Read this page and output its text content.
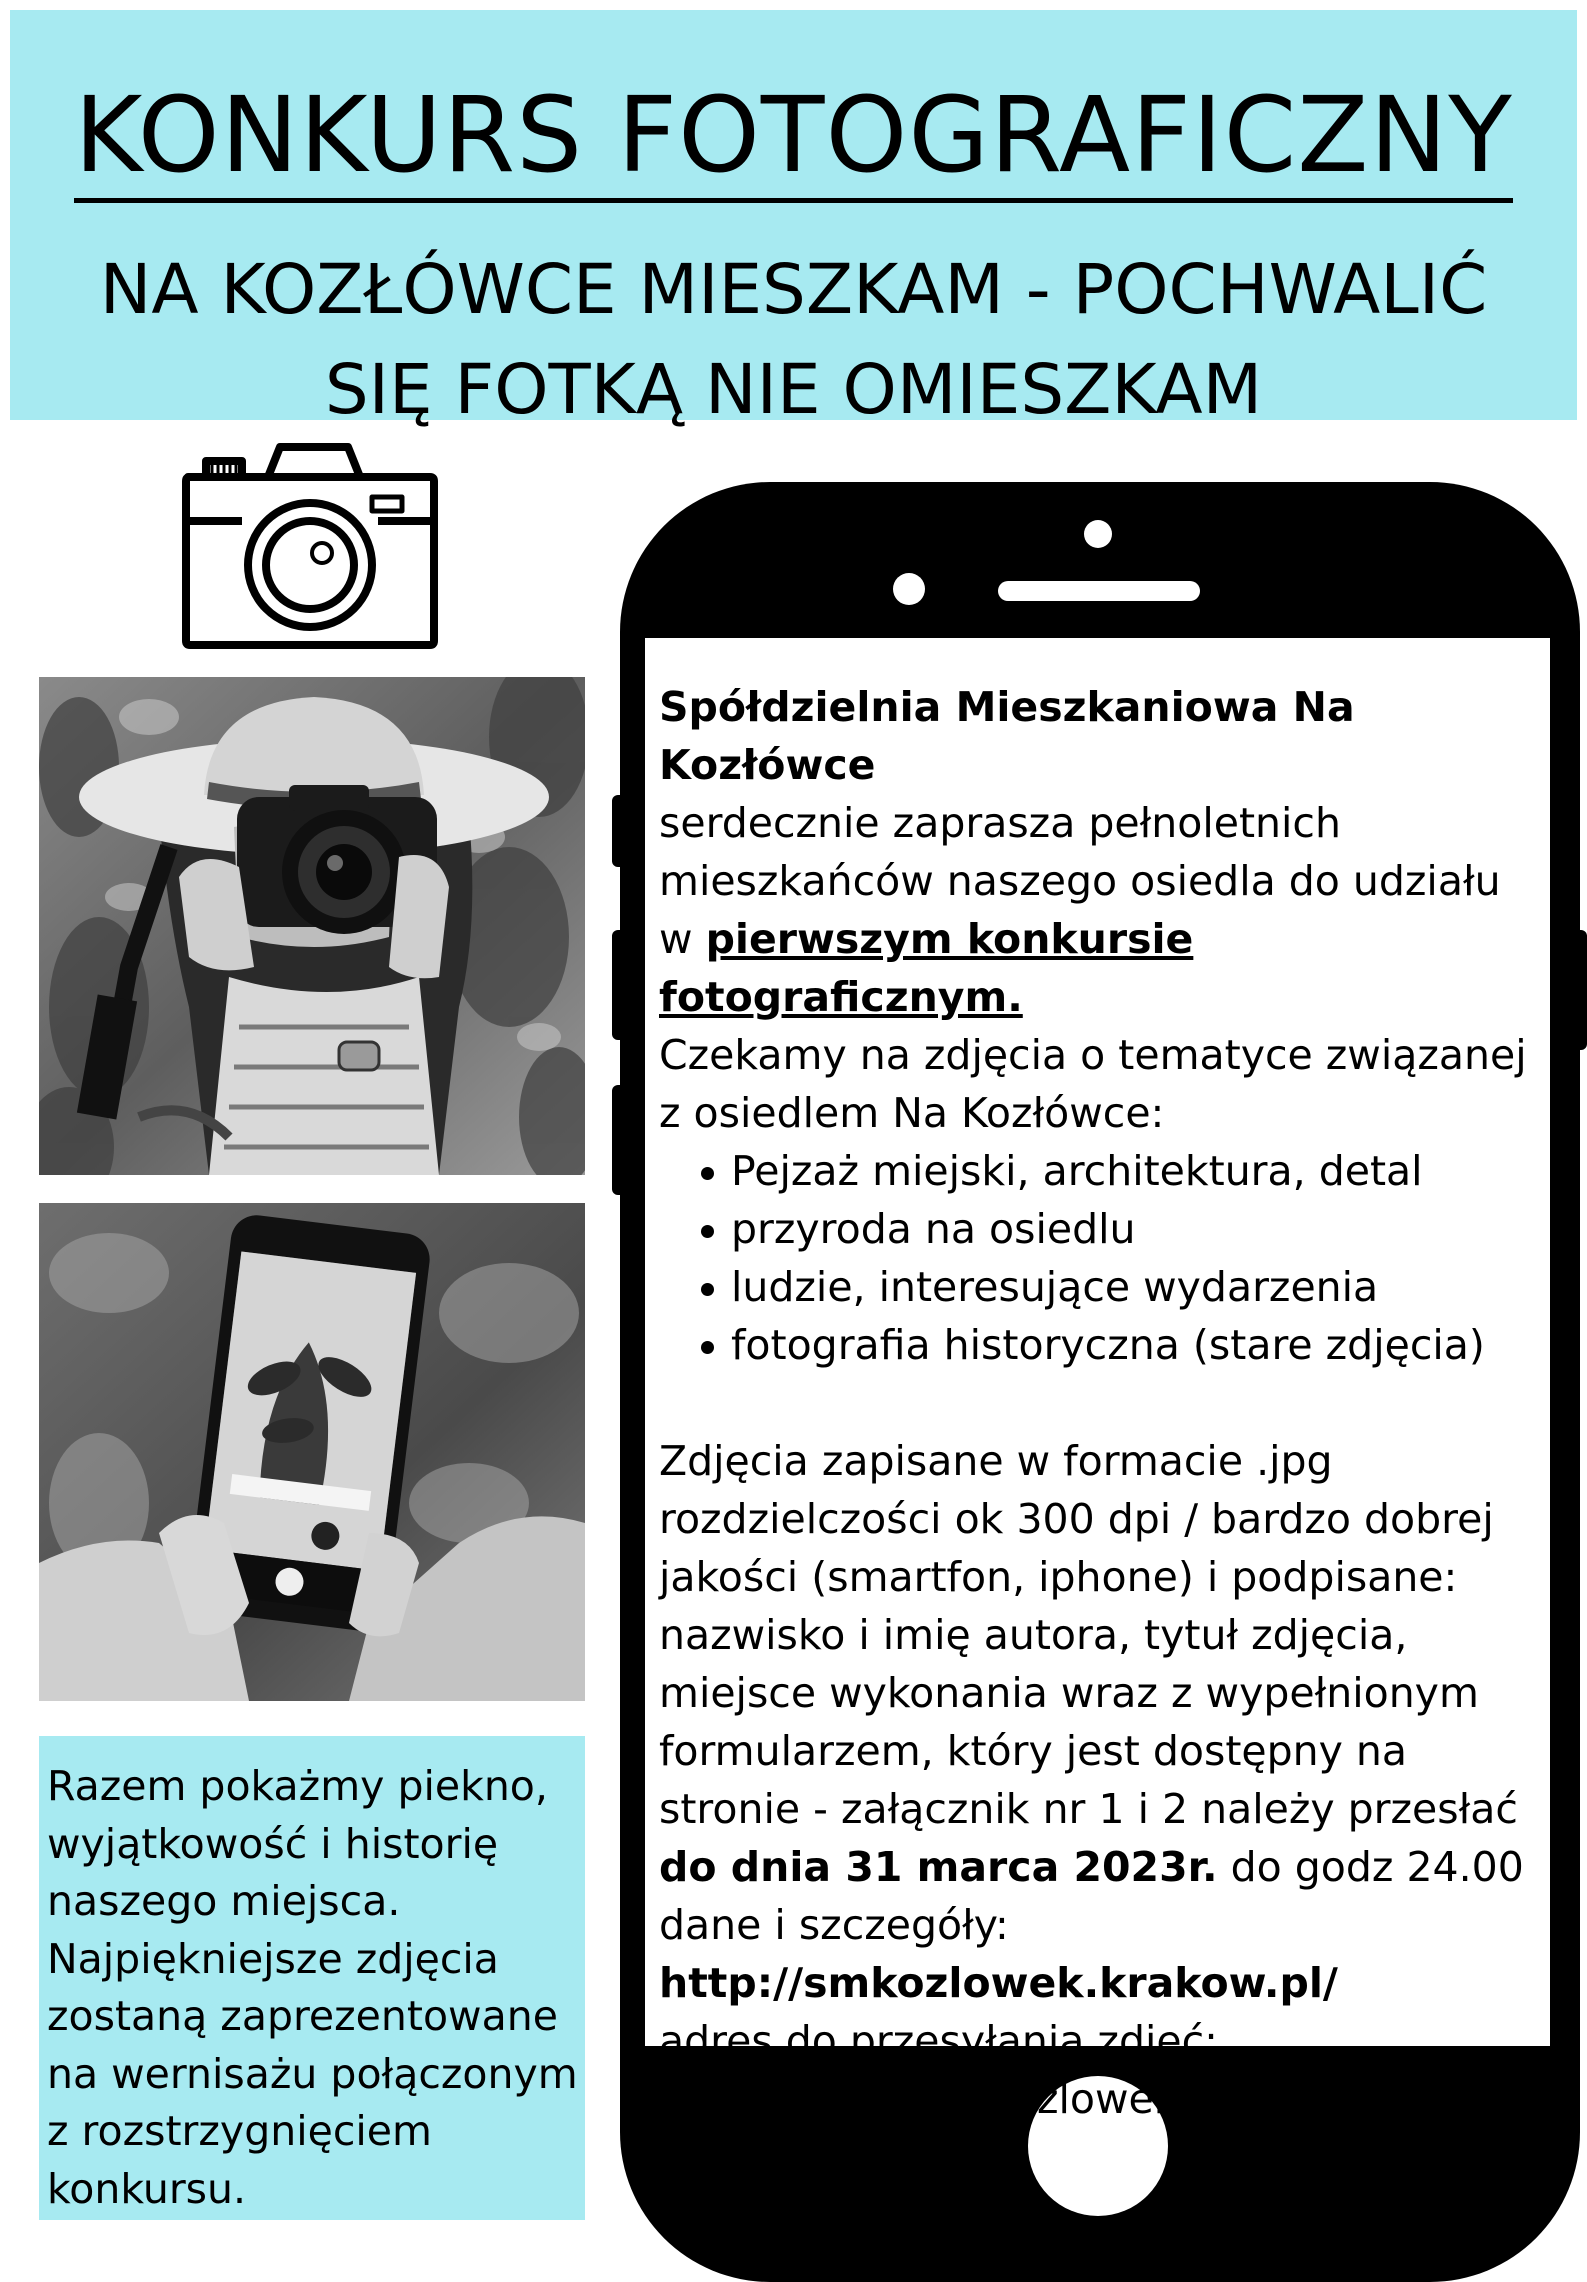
KONKURS FOTOGRAFICZNY
NA KOZŁÓWCE MIESZKAM - POCHWALIĆ
SIĘ FOTKĄ NIE OMIESZKAM

Razem pokażmy piekno,

wyjątkowość i historię

naszego miejsca.

Najpiękniejsze zdjęcia

zostaną zaprezentowane

na wernisażu połączonym

z rozstrzygnięciem

konkursu.

Spółdzielnia Mieszkaniowa Na Kozłówce

serdecznie zaprasza pełnoletnich

mieszkańców naszego osiedla do udziału

w pierwszym konkursie fotograficznym.

Czekamy na zdjęcia o tematyce związanej

z osiedlem Na Kozłówce:

Pejzaż miejski, architektura, detal
przyroda na osiedlu
ludzie, interesujące wydarzenia
fotografia historyczna (stare zdjęcia)

Zdjęcia zapisane w formacie .jpg

rozdzielczości ok 300 dpi / bardzo dobrej

jakości (smartfon, iphone) i podpisane:

nazwisko i imię autora, tytuł zdjęcia,

miejsce wykonania wraz z wypełnionym

formularzem, który jest dostępny na

stronie - załącznik nr 1 i 2 należy przesłać

do dnia 31 marca 2023r. do godz 24.00

dane i szczegóły:

http://smkozlowek.krakow.pl/

adres do przesyłania zdjęć:

ciechanska@smkozlowek.krakow.pl
